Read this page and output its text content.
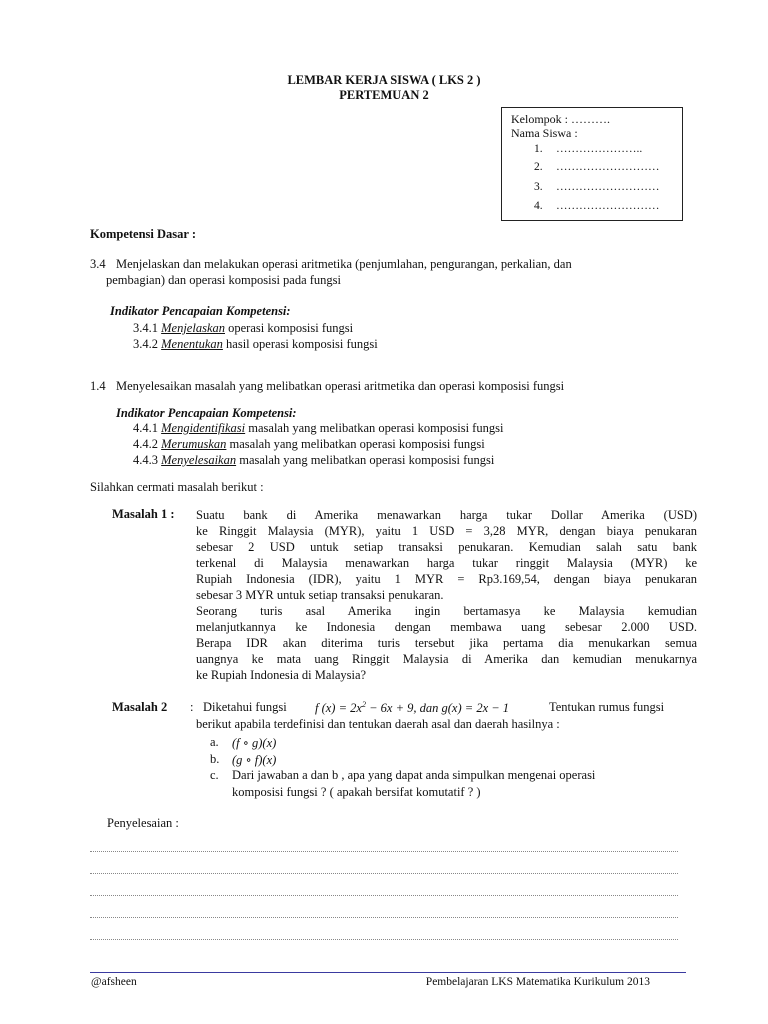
LEMBAR KERJA SISWA ( LKS 2 )
PERTEMUAN 2
Kelompok : ……….
Nama Siswa :
1. …………………..
2. ………………………
3. ………………………
4. ………………………
Kompetensi Dasar :
3.4 Menjelaskan dan melakukan operasi aritmetika (penjumlahan, pengurangan, perkalian, dan
pembagian) dan operasi komposisi pada fungsi
Indikator Pencapaian Kompetensi:
3.4.1 Menjelaskan operasi komposisi fungsi
3.4.2 Menentukan hasil operasi komposisi fungsi
1.4 Menyelesaikan masalah yang melibatkan operasi aritmetika dan operasi komposisi fungsi
Indikator Pencapaian Kompetensi:
4.4.1 Mengidentifikasi masalah yang melibatkan operasi komposisi fungsi
4.4.2 Merumuskan masalah yang melibatkan operasi komposisi fungsi
4.4.3 Menyelesaikan masalah yang melibatkan operasi komposisi fungsi
Silahkan cermati masalah berikut :
Masalah 1 : Suatu bank di Amerika menawarkan harga tukar Dollar Amerika (USD)
ke Ringgit Malaysia (MYR), yaitu 1 USD = 3,28 MYR, dengan biaya penukaran
sebesar 2 USD untuk setiap transaksi penukaran. Kemudian salah satu bank
terkenal di Malaysia menawarkan harga tukar ringgit Malaysia (MYR) ke
Rupiah Indonesia (IDR), yaitu 1 MYR = Rp3.169,54, dengan biaya penukaran
sebesar 3 MYR untuk setiap transaksi penukaran.
Seorang turis asal Amerika ingin bertamasya ke Malaysia kemudian
melanjutkannya ke Indonesia dengan membawa uang sebesar 2.000 USD.
Berapa IDR akan diterima turis tersebut jika pertama dia menukarkan semua
uangnya ke mata uang Ringgit Malaysia di Amerika dan kemudian menukarnya
ke Rupiah Indonesia di Malaysia?
Masalah 2 : Diketahui fungsi f $(x) = 2x^2 - 6x + 9$, dan g(x) = 2x − 1	Tentukan rumus fungsi
berikut apabila terdefinisi dan tentukan daerah asal dan daerah hasilnya :
a. (f ∘ g)(x)
b. (g ∘ f)(x)
c. Dari jawaban a dan b , apa yang dapat anda simpulkan mengenai operasi
komposisi fungsi ? ( apakah bersifat komutatif ? )
Penyelesaian :
@afsheen	Pembelajaran LKS Matematika Kurikulum 2013
